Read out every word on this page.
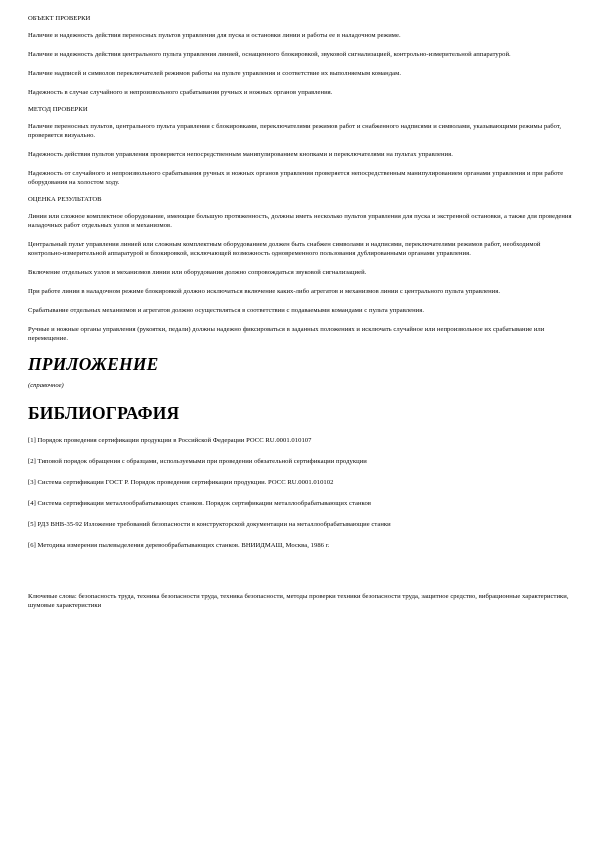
ОБЪЕКТ ПРОВЕРКИ
Наличие и надежность действия переносных пультов управления для пуска и остановки линии и работы ее в наладочном режиме.
Наличие и надежность действия центрального пульта управления линией, оснащенного блокировкой, звуковой сигнализацией, контрольно-измерительной аппаратурой.
Наличие надписей и символов переключателей режимов работы на пульте управления и соответствие их выполняемым командам.
Надежность в случае случайного и непроизвольного срабатывания ручных и ножных органов управления.
МЕТОД ПРОВЕРКИ
Наличие переносных пультов, центрального пульта управления с блокировками, переключателями режимов работ и снабженного надписями и символами, указывающими режимы работ, проверяется визуально.
Надежность действия пультов управления проверяется непосредственным манипулированием кнопками и переключателями на пультах управления.
Надежность от случайного и непроизвольного срабатывания ручных и ножных органов управления проверяется непосредственным манипулированием органами управления и при работе оборудования на холостом ходу.
ОЦЕНКА РЕЗУЛЬТАТОВ
Линии или сложное комплектное оборудование, имеющие большую протяженность, должны иметь несколько пультов управления для пуска и экстренной остановки, а также для проведения наладочных работ отдельных узлов и механизмов.
Центральный пульт управления линией или сложным комплектным оборудованием должен быть снабжен символами и надписями, переключателями режимов работ, необходимой контрольно-измерительной аппаратурой и блокировкой, исключающей возможность одновременного пользования дублированными органами управления.
Включение отдельных узлов и механизмов линии или оборудования должно сопровождаться звуковой сигнализацией.
При работе линии в наладочном режиме блокировкой должно исключаться включение каких-либо агрегатов и механизмов линии с центрального пульта управления.
Срабатывание отдельных механизмов и агрегатов должно осуществляться в соответствии с подаваемыми командами с пульта управления.
Ручные и ножные органы управления (рукоятки, педали) должны надежно фиксироваться в заданных положениях и исключать случайное или непроизвольное их срабатывание или перемещение.
ПРИЛОЖЕНИЕ
(справочное)
БИБЛИОГРАФИЯ
[1] Порядок проведения сертификации продукции в Российской Федерации РОСС RU.0001.010107
[2] Типовой порядок обращения с образцами, используемыми при проведении обязательной сертификации продукции
[3] Система сертификации ГОСТ Р. Порядок проведения сертификации продукции. РОСС RU.0001.010102
[4] Система сертификации металлообрабатывающих станков. Порядок сертификации металлообрабатывающих станков
[5] РДЗ ВНВ-35-92 Изложение требований безопасности в конструкторской документации на металлообрабатывающие станки
[6] Методика измерения пылевыделения деревообрабатывающих станков. ВНИИДМАШ, Москва, 1986 г.
Ключевые слова: безопасность труда, техника безопасности труда, техника безопасности, методы проверки техники безопасности труда, защитное средство, вибрационные характеристики, шумовые характеристики
